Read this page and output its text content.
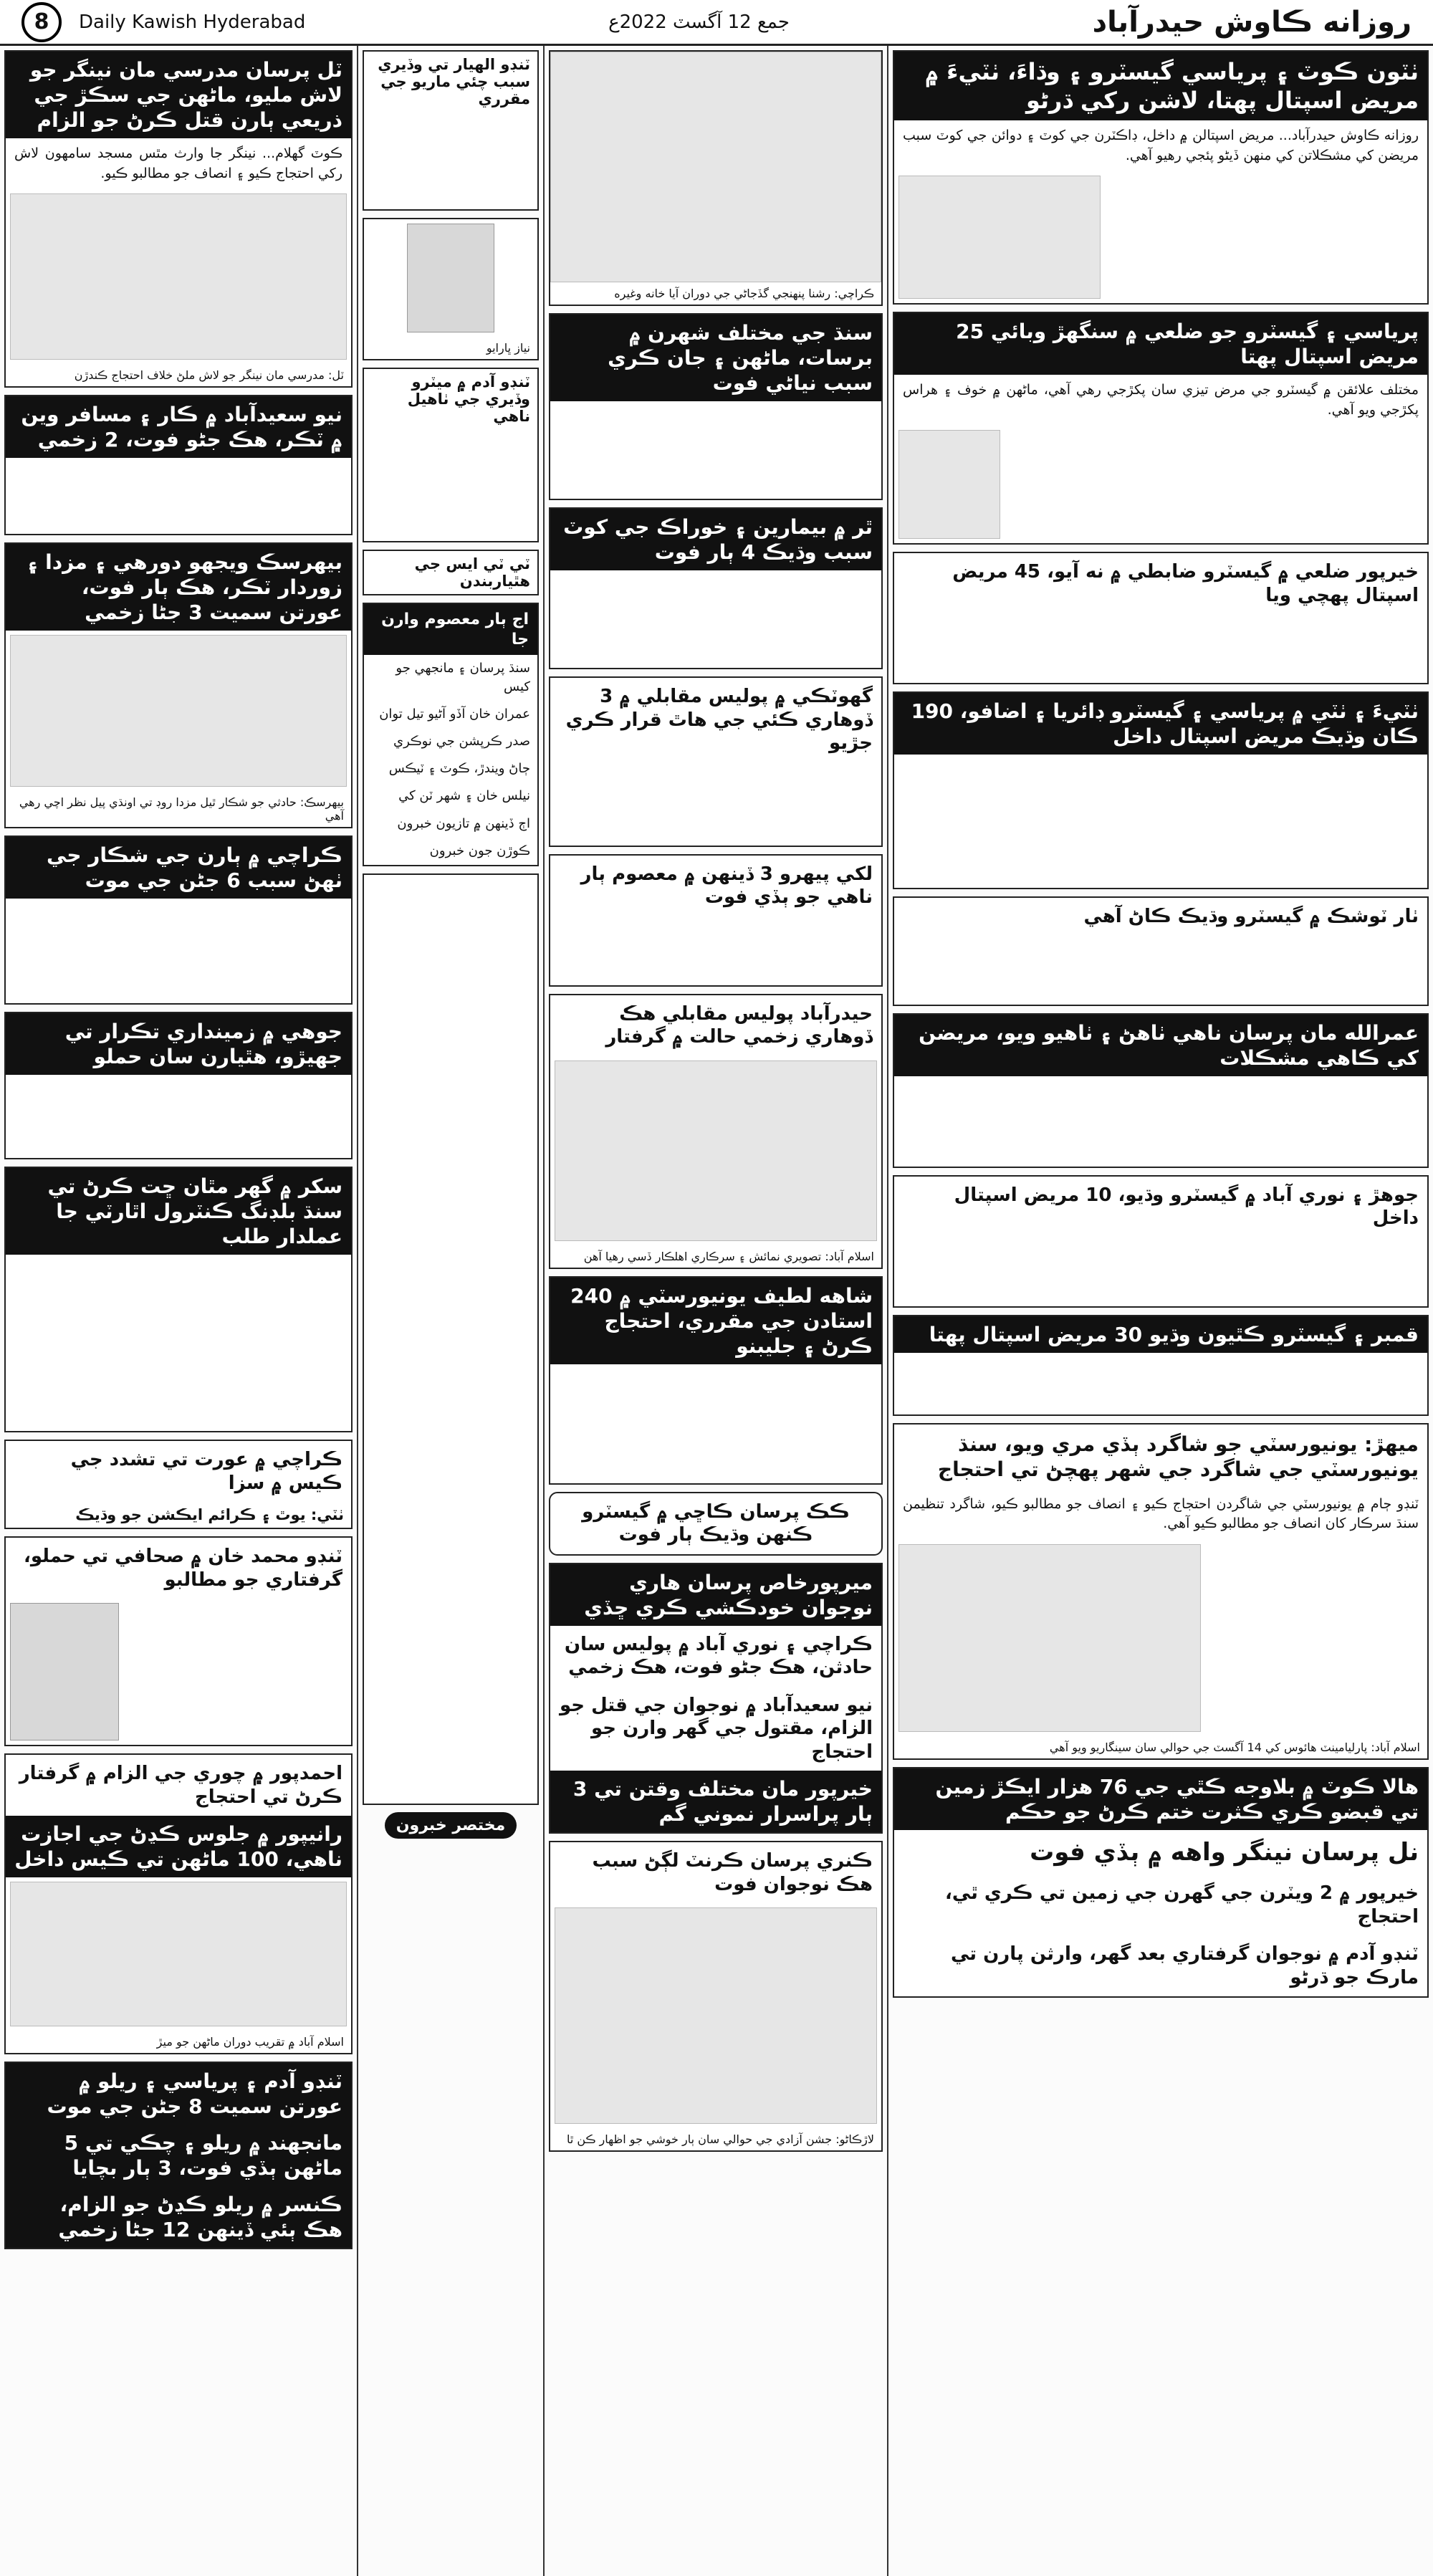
8	Daily Kawish Hyderabad	جمع 12 آگسٽ 2022ع	روزانه ڪاوش حيدرآباد
ٽل پرسان مدرسي مان نينگر جو لاش مليو، ماڻهن جي سڪڙ جي ذريعي ٻارن قتل ڪرڻ جو الزام
ڪوٽ گهلام... نينگر جا وارث مٿس مسجد سامهون لاش رکي احتجاج ڪيو ۽ انصاف جو مطالبو ڪيو.
ٽل: مدرسي مان نينگر جو لاش ملڻ خلاف احتجاج ڪندڙن
نيو سعيدآباد ۾ ڪار ۽ مسافر وين ۾ ٽڪر، هڪ جڻو فوت، 2 زخمي
بيهرسڪ ويجهو دورهي ۽ مزدا ۽ زوردار ٽڪر، هڪ ٻار فوت، عورتن سميت 3 جڻا زخمي
بيهرسڪ: حادثي جو شڪار ٿيل مزدا روڊ تي اونڌي پيل نظر اچي رهي آهي
ڪراچي ۾ ٻارن جي شڪار جي ٺهڻ سبب 6 جڻن جي موت
جوهي ۾ زمينداري تڪرار تي جهيڙو، هٿيارن سان حملو
سکر ۾ گهر مٿان ڇت ڪرڻ تي سنڌ بلڊنگ ڪنٽرول اٿارٽي جا عملدار طلب
ڪراچي ۾ عورت تي تشدد جي ڪيس ۾ سزا
ٺٽي: يوٿ ۽ ڪرائم ايڪشن جو وڌيڪ
ٽنڊو محمد خان ۾ صحافي تي حملو، گرفتاري جو مطالبو
احمدپور ۾ چوري جي الزام ۾ گرفتار ڪرڻ تي احتجاج
رانيپور ۾ جلوس ڪڍڻ جي اجازت ناهي، 100 ماڻهن تي ڪيس داخل
اسلام آباد ۾ تقريب دوران ماڻهن جو ميڙ
ٽنڊو آدم ۽ پرياسي ۽ ريلو ۾ عورتن سميت 8 جڻن جي موت
مانجهند ۾ ريلو ۽ چڪي تي 5 ماڻهن ٻڏي فوت، 3 ٻار بچايا
ڪنسر ۾ ريلو ڪڍڻ جو الزام، هڪ ٻئي ڏينهن 12 جڻا زخمي
ٽنڊو الهيار تي وڏيري سبب چئي ماريو جي مقرري
نياز ڀارايو
ٽنڊو آدم ۾ ميٽرو وڏيري جي ٺاهيل ناهي
ٽي ٽي ايس جي هٿياربندن
اج ٻار معصوم وارن جا
سنڌ پرسان ۽ مانجهي جو کيس
عمران خان آڏو آڻيو تيل توان
صدر ڪرپشن جي نوڪري
ڄاڻ ويندڙ، ڪوٽ ۽ ٽيڪس
نيلس خان ۽ شهر ٽن کي
اڄ ڏينهن ۾ تازيون خبرون
ڪوڙن جون خبرون
مختصر خبرون
ڪراچي: رشنا پنهنجي گڏجاڻي جي دوران آيا خانه وغيره
سنڌ جي مختلف شهرن ۾ برسات، ماڻهن ۽ جان ڪري سبب نياڻي فوت
ٿر ۾ بيمارين ۽ خوراڪ جي کوٽ سبب وڌيڪ 4 ٻار فوت
گهوٽڪي ۾ پوليس مقابلي ۾ 3 ڏوهاري ڪئي جي هاٿ قرار ڪري جڙيو
لکي پيهرو 3 ڏينهن ۾ معصوم ٻار ناهي جو ٻڏي فوت
حيدرآباد پوليس مقابلي هڪ ڏوهاري زخمي حالت ۾ گرفتار
اسلام آباد: تصويري نمائش ۽ سرڪاري اهلڪار ڏسي رهيا آهن
شاهه لطيف يونيورسٽي ۾ 240 استادن جي مقرري، احتجاج ڪرڻ ۽ جليبنو
ڪڪ پرسان ڪاڇي ۾ گيسٽرو ڪنهن وڌيڪ ٻار فوت
ميرپورخاص پرسان هاري نوجوان خودڪشي ڪري ڇڏي
ڪراچي ۽ نوري آباد ۾ پوليس سان حادثن، هڪ جڻو فوت، هڪ زخمي
نيو سعيدآباد ۾ نوجوان جي قتل جو الزام، مقتول جي گهر وارن جو احتجاج
خيرپور مان مختلف وقتن تي 3 ٻار پراسرار نموني گم
ڪنري پرسان ڪرنٽ لڳڻ سبب هڪ نوجوان فوت
لاڙڪاڻو: جشن آزادي جي حوالي سان ٻار خوشي جو اظهار ڪن ٿا
ٺٽون ڪوٽ ۽ پرياسي گيسٽرو ۽ وڌاءَ، ٺٽيءَ ۾ مريض اسپتال پهتا، لاشن رکي ڌرڻو
روزانه ڪاوش حيدرآباد... مريض اسپتالن ۾ داخل، ڊاڪٽرن جي کوٽ ۽ دوائن جي کوٽ سبب مريضن کي مشڪلاتن کي منهن ڏيڻو پئجي رهيو آهي.
پرياسي ۽ گيسٽرو جو ضلعي ۾ سنگهڙ وبائي 25 مريض اسپتال پهتا
مختلف علائقن ۾ گيسٽرو جي مرض تيزي سان پکڙجي رهي آهي، ماڻهن ۾ خوف ۽ هراس پکڙجي ويو آهي.
خيرپور ضلعي ۾ گيسٽرو ضابطي ۾ نه آيو، 45 مريض اسپتال پهچي ويا
ٺٽيءَ ۽ ٺٽي ۾ پرياسي ۽ گيسٽرو ڊائريا ۽ اضافو، 190 ڪان وڌيڪ مريض اسپتال داخل
ٺار ٽوشڪ ۾ گيسٽرو وڌيڪ ڪاڻ آهي
عمرالله مان پرسان ناهي ٺاهڻ ۽ ٺاهيو ويو، مريضن کي ڪاهي مشڪلات
جوهڙ ۽ نوري آباد ۾ گيسٽرو وڌيو، 10 مريض اسپتال داخل
قمبر ۽ گيسٽرو ڪٿيون وڌيو 30 مريض اسپتال پهتا
ميهڙ: يونيورسٽي جو شاگرد ٻڏي مري ويو، سنڌ يونيورسٽي جي شاگرد جي شهر پهچڻ تي احتجاج
ٽنڊو ڄام ۾ يونيورسٽي جي شاگردن احتجاج ڪيو ۽ انصاف جو مطالبو ڪيو، شاگرد تنظيمن سنڌ سرڪار کان انصاف جو مطالبو ڪيو آهي.
اسلام آباد: پارليامينٽ هائوس کي 14 آگسٽ جي حوالي سان سينگاريو ويو آهي
هالا ڪوٽ ۾ بلاوجه ڪٿي جي 76 هزار ايڪڙ زمين تي قبضو ڪري ڪثرت ختم ڪرڻ جو حڪم
نل پرسان نينگر واهه ۾ ٻڏي فوت
خيرپور ۾ 2 ويٽرن جي گهرن جي زمين تي ڪري ٿي، احتجاج
ٽنڊو آدم ۾ نوجوان گرفتاري بعد گهر، وارثن پارن تي مارڪ جو ڌرڻو
